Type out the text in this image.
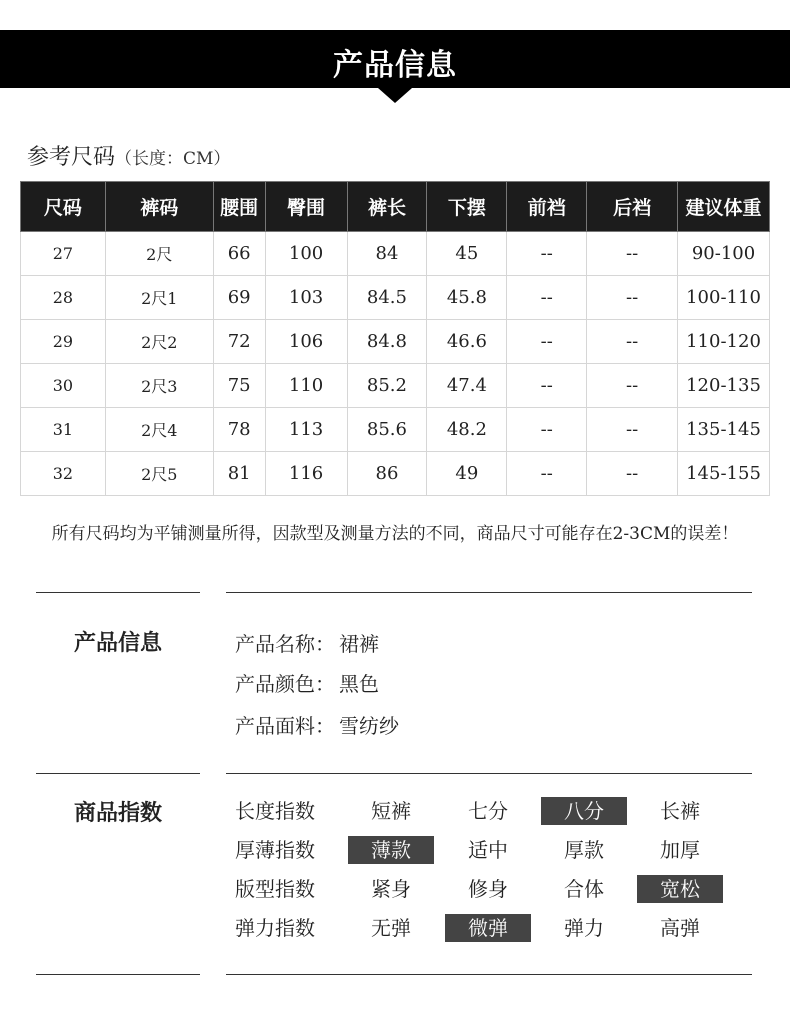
产品信息
参考尺码（长度：CM）
尺码	裤码	腰围	臀围	裤长	下摆	前裆	后裆	建议体重
27	2尺	66	100	84	45	--	--	90-100
28	2尺1	69	103	84.5	45.8	--	--	100-110
29	2尺2	72	106	84.8	46.6	--	--	110-120
30	2尺3	75	110	85.2	47.4	--	--	120-135
31	2尺4	78	113	85.6	48.2	--	--	135-145
32	2尺5	81	116	86	49	--	--	145-155
所有尺码均为平铺测量所得，因款型及测量方法的不同，商品尺寸可能存在2-3CM的误差！
产品信息	产品名称： 裙裤
产品颜色： 黑色
产品面料： 雪纺纱
商品指数	长度指数	短裤	七分	八分	长裤
厚薄指数	薄款	适中	厚款	加厚
版型指数	紧身	修身	合体	宽松
弹力指数	无弹	微弹	弹力	高弹
